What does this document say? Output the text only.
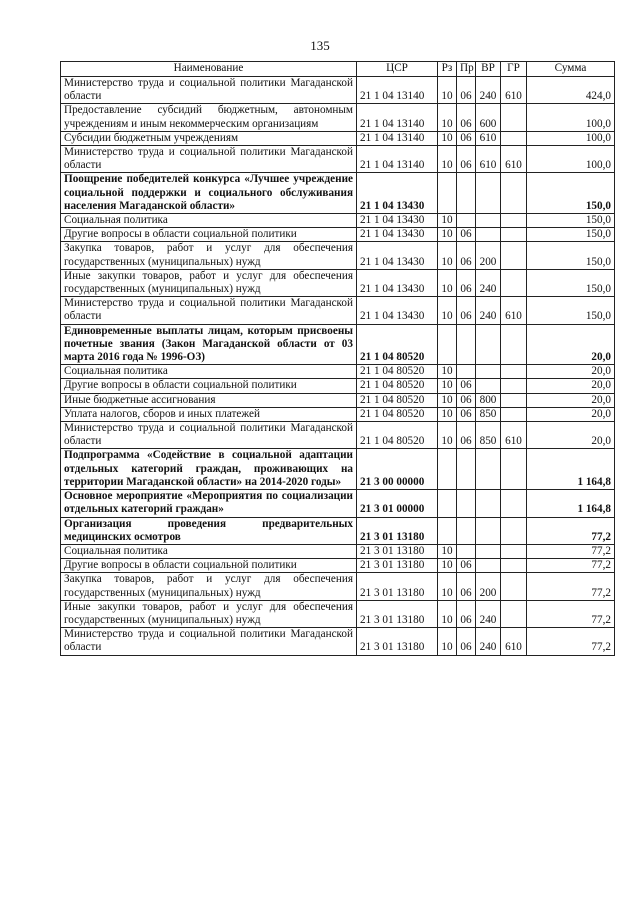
135
Наименование	ЦСР	Рз	Пр	ВР	ГР	Сумма
Министерство труда и социальной политики Магаданской области	21 1 04 13140	10	06	240	610	424,0
Предоставление субсидий бюджетным, автономным учреждениям и иным некоммерческим организациям	21 1 04 13140	10	06	600		100,0
Субсидии бюджетным учреждениям	21 1 04 13140	10	06	610		100,0
Министерство труда и социальной политики Магаданской области	21 1 04 13140	10	06	610	610	100,0
Поощрение победителей конкурса «Лучшее учреждение социальной поддержки и социального обслуживания населения Магаданской области»	21 1 04 13430					150,0
Социальная политика	21 1 04 13430	10				150,0
Другие вопросы в области социальной политики	21 1 04 13430	10	06			150,0
Закупка товаров, работ и услуг для обеспечения государственных (муниципальных) нужд	21 1 04 13430	10	06	200		150,0
Иные закупки товаров, работ и услуг для обеспечения государственных (муниципальных) нужд	21 1 04 13430	10	06	240		150,0
Министерство труда и социальной политики Магаданской области	21 1 04 13430	10	06	240	610	150,0
Единовременные выплаты лицам, которым присвоены почетные звания (Закон Магаданской области от 03 марта 2016 года № 1996-ОЗ)	21 1 04 80520					20,0
Социальная политика	21 1 04 80520	10				20,0
Другие вопросы в области социальной политики	21 1 04 80520	10	06			20,0
Иные бюджетные ассигнования	21 1 04 80520	10	06	800		20,0
Уплата налогов, сборов и иных платежей	21 1 04 80520	10	06	850		20,0
Министерство труда и социальной политики Магаданской области	21 1 04 80520	10	06	850	610	20,0
Подпрограмма «Содействие в социальной адаптации отдельных категорий граждан, проживающих на территории Магаданской области» на 2014-2020 годы»	21 3 00 00000					1 164,8
Основное мероприятие «Мероприятия по социализации отдельных категорий граждан»	21 3 01 00000					1 164,8
Организация проведения предварительных медицинских осмотров	21 3 01 13180					77,2
Социальная политика	21 3 01 13180	10				77,2
Другие вопросы в области социальной политики	21 3 01 13180	10	06			77,2
Закупка товаров, работ и услуг для обеспечения государственных (муниципальных) нужд	21 3 01 13180	10	06	200		77,2
Иные закупки товаров, работ и услуг для обеспечения государственных (муниципальных) нужд	21 3 01 13180	10	06	240		77,2
Министерство труда и социальной политики Магаданской области	21 3 01 13180	10	06	240	610	77,2
